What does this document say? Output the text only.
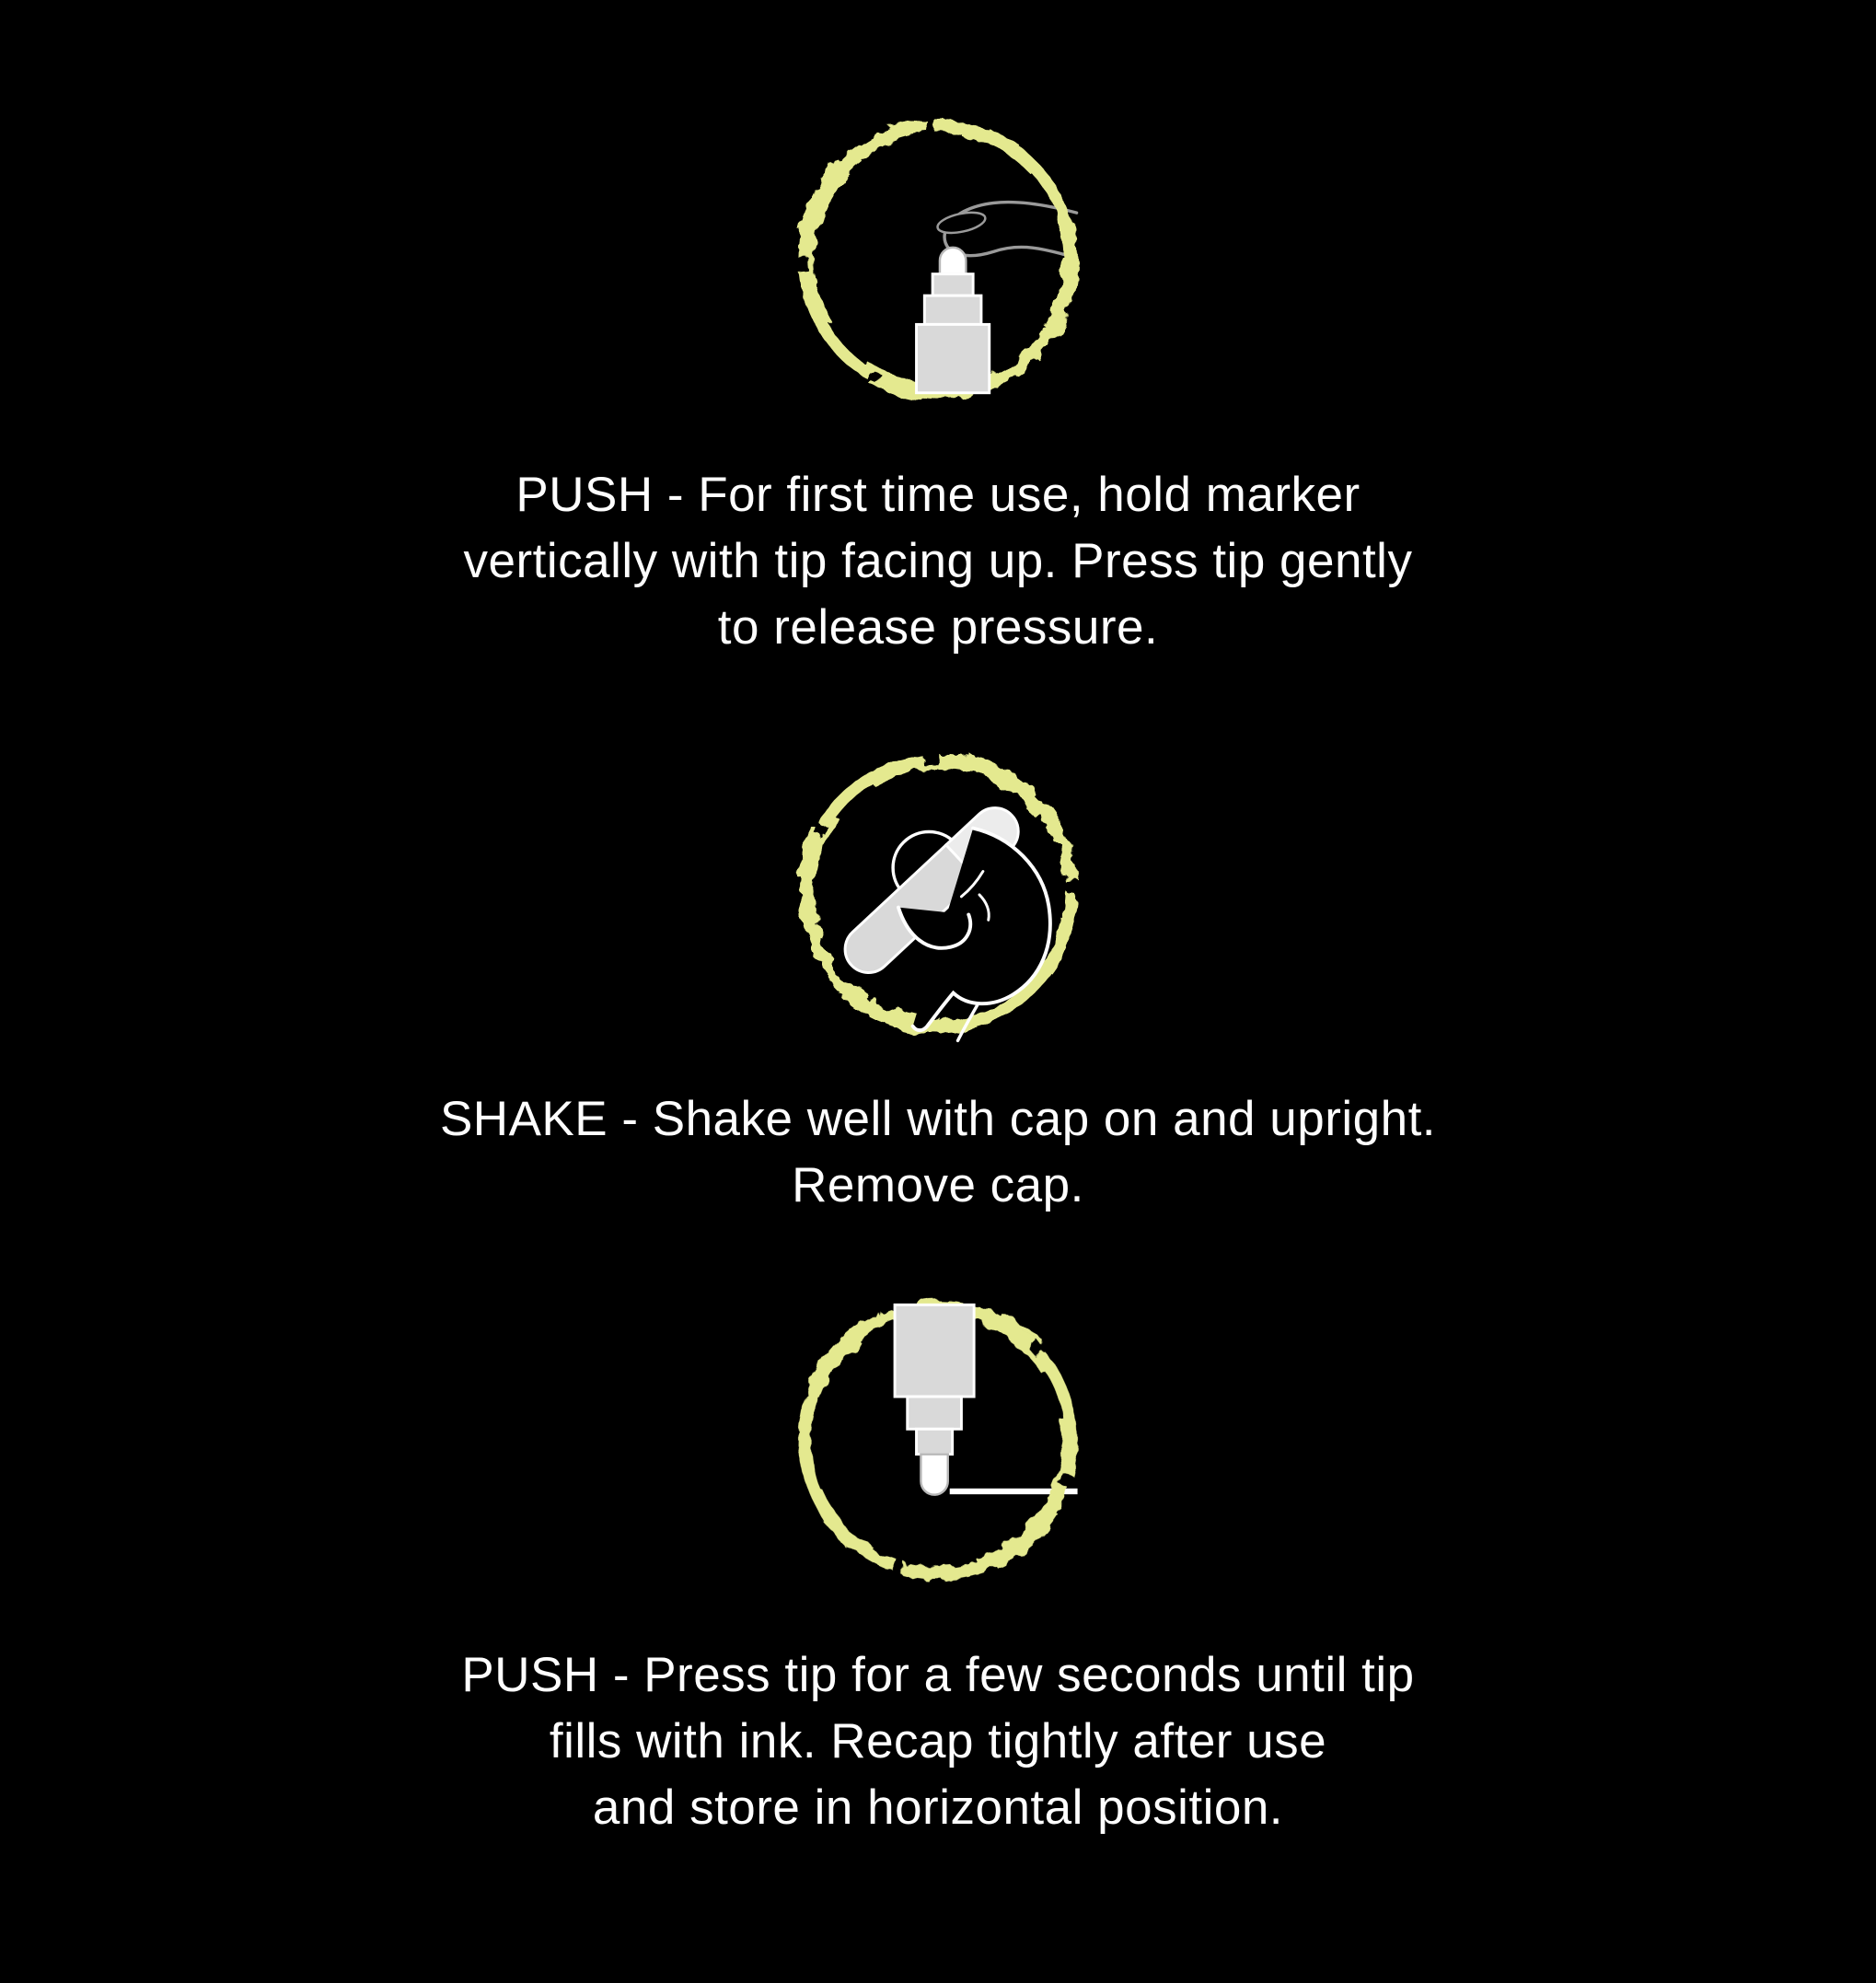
PUSH - For first time use, hold marker
vertically with tip facing up. Press tip gently
to release pressure.

SHAKE - Shake well with cap on and upright.
Remove cap.

PUSH - Press tip for a few seconds until tip
fills with ink. Recap tightly after use
and store in horizontal position.
